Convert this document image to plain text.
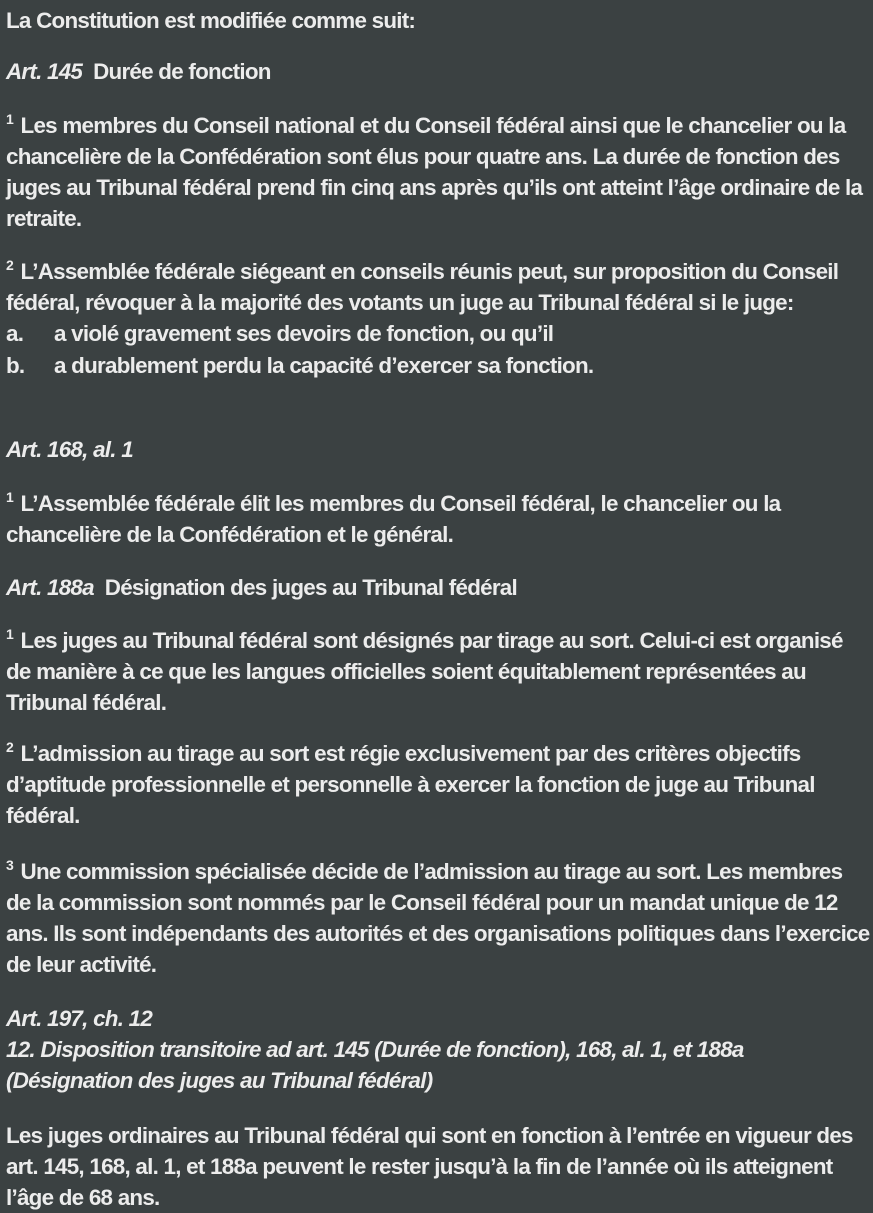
La Constitution est modifiée comme suit:

Art. 145 Durée de fonction

$^1$ Les membres du Conseil national et du Conseil fédéral ainsi que le chancelier ou la chancelière de la Confédération sont élus pour quatre ans. La durée de fonction des juges au Tribunal fédéral prend fin cinq ans après qu’ils ont atteint l’âge ordinaire de la retraite.

$^2$ L’Assemblée fédérale siégeant en conseils réunis peut, sur proposition du Conseil fédéral, révoquer à la majorité des votants un juge au Tribunal fédéral si le juge:
a.	a violé gravement ses devoirs de fonction, ou qu’il
b.	a durablement perdu la capacité d’exercer sa fonction.

Art. 168, al. 1

$^1$ L’Assemblée fédérale élit les membres du Conseil fédéral, le chancelier ou la chancelière de la Confédération et le général.

Art. 188a Désignation des juges au Tribunal fédéral

$^1$ Les juges au Tribunal fédéral sont désignés par tirage au sort. Celui-ci est organisé de manière à ce que les langues officielles soient équitablement représentées au Tribunal fédéral.

$^2$ L’admission au tirage au sort est régie exclusivement par des critères objectifs d’aptitude professionnelle et personnelle à exercer la fonction de juge au Tribunal fédéral.

$^3$ Une commission spécialisée décide de l’admission au tirage au sort. Les membres de la commission sont nommés par le Conseil fédéral pour un mandat unique de 12 ans. Ils sont indépendants des autorités et des organisations politiques dans l’exercice de leur activité.

Art. 197, ch. 12
12. Disposition transitoire ad art. 145 (Durée de fonction), 168, al. 1, et 188a (Désignation des juges au Tribunal fédéral)

Les juges ordinaires au Tribunal fédéral qui sont en fonction à l’entrée en vigueur des art. 145, 168, al. 1, et 188a peuvent le rester jusqu’à la fin de l’année où ils atteignent l’âge de 68 ans.
